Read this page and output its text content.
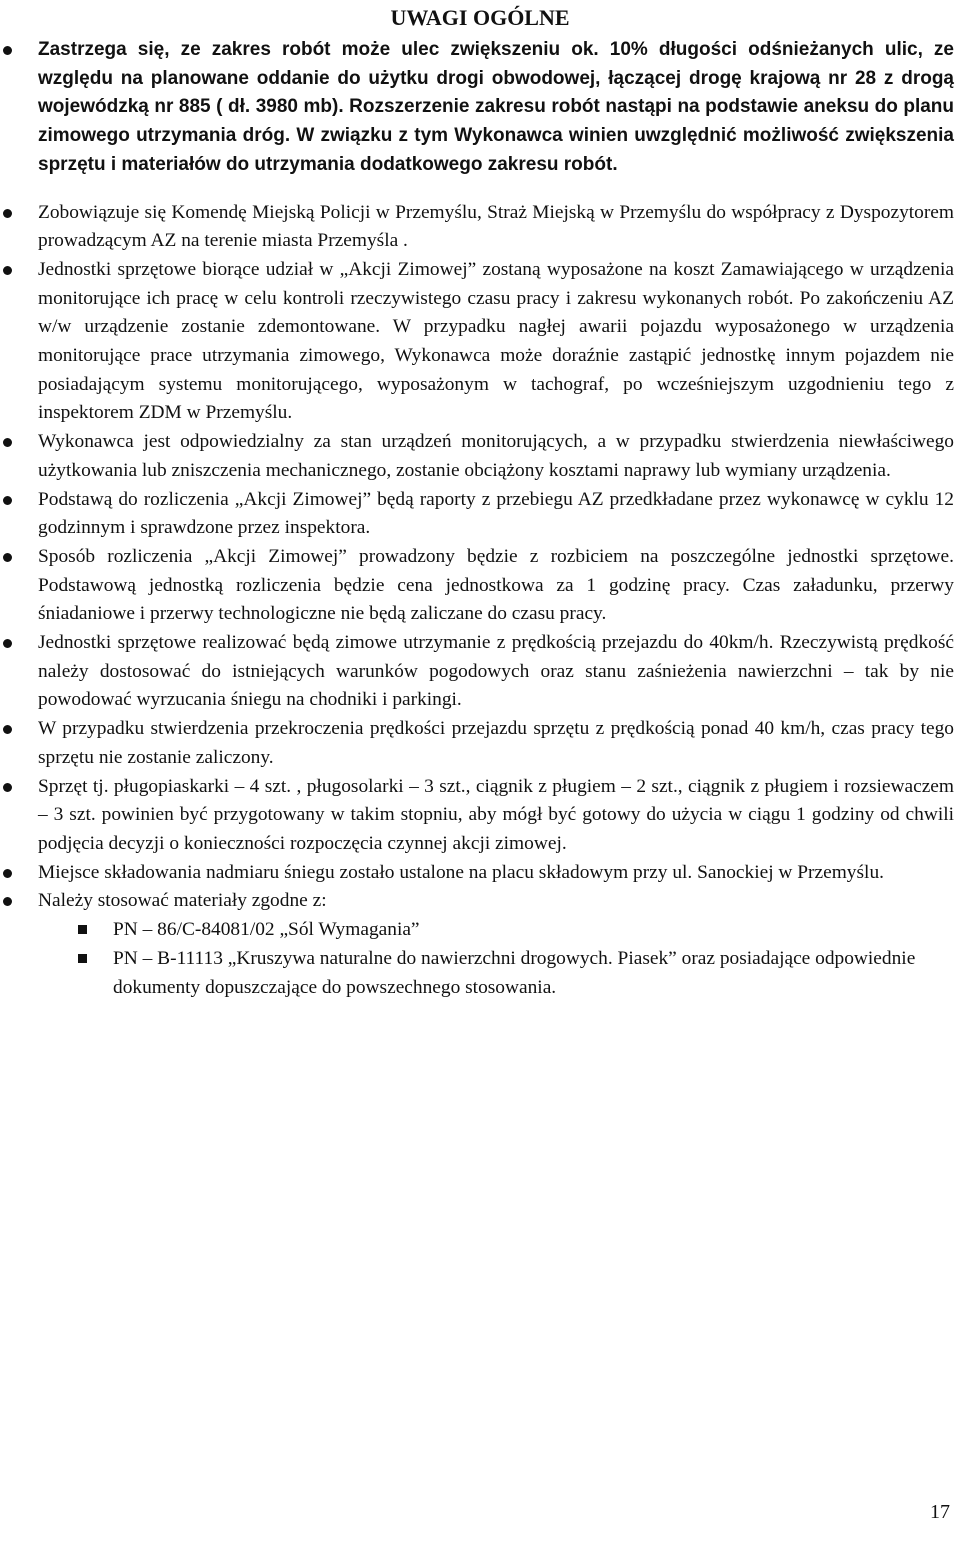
UWAGI OGÓLNE
Zastrzega się, ze zakres robót może ulec zwiększeniu ok. 10% długości odśnieżanych ulic, ze względu na planowane oddanie do użytku drogi obwodowej, łączącej drogę krajową nr 28 z drogą wojewódzką nr 885 ( dł. 3980 mb). Rozszerzenie zakresu robót nastąpi na podstawie aneksu do planu zimowego utrzymania dróg. W związku z tym Wykonawca winien uwzględnić możliwość zwiększenia sprzętu i materiałów do utrzymania dodatkowego zakresu robót.
Zobowiązuje się Komendę Miejską Policji w Przemyślu, Straż Miejską w Przemyślu do współpracy z Dyspozytorem prowadzącym AZ na terenie miasta Przemyśla .
Jednostki sprzętowe biorące udział w „Akcji Zimowej” zostaną wyposażone na koszt Zamawiającego w urządzenia monitorujące ich pracę w celu kontroli rzeczywistego czasu pracy i zakresu wykonanych robót. Po zakończeniu AZ w/w urządzenie zostanie zdemontowane. W przypadku nagłej awarii pojazdu wyposażonego w urządzenia monitorujące prace utrzymania zimowego, Wykonawca może doraźnie zastąpić jednostkę innym pojazdem nie posiadającym systemu monitorującego, wyposażonym w tachograf, po wcześniejszym uzgodnieniu tego z inspektorem ZDM w Przemyślu.
Wykonawca jest odpowiedzialny za stan urządzeń monitorujących, a w przypadku stwierdzenia niewłaściwego użytkowania lub zniszczenia mechanicznego, zostanie obciążony kosztami naprawy lub wymiany urządzenia.
Podstawą do rozliczenia „Akcji Zimowej” będą raporty z przebiegu AZ przedkładane przez wykonawcę w cyklu 12 godzinnym i sprawdzone przez inspektora.
Sposób rozliczenia „Akcji Zimowej” prowadzony będzie z rozbiciem na poszczególne jednostki sprzętowe. Podstawową jednostką rozliczenia będzie cena jednostkowa za 1 godzinę pracy. Czas załadunku, przerwy śniadaniowe i przerwy technologiczne nie będą zaliczane do czasu pracy.
Jednostki sprzętowe realizować będą zimowe utrzymanie z prędkością przejazdu do 40km/h. Rzeczywistą prędkość należy dostosować do istniejących warunków pogodowych oraz stanu zaśnieżenia nawierzchni – tak by nie powodować wyrzucania śniegu na chodniki i parkingi.
W przypadku stwierdzenia przekroczenia prędkości przejazdu sprzętu z prędkością ponad 40 km/h, czas pracy tego sprzętu nie zostanie zaliczony.
Sprzęt tj. pługopiaskarki – 4 szt. , pługosolarki – 3 szt., ciągnik z pługiem – 2 szt., ciągnik z pługiem i rozsiewaczem – 3 szt. powinien być przygotowany w takim stopniu, aby mógł być gotowy do użycia w ciągu 1 godziny od chwili podjęcia decyzji o konieczności rozpoczęcia czynnej akcji zimowej.
Miejsce składowania nadmiaru śniegu zostało ustalone na placu składowym przy ul. Sanockiej w Przemyślu.
Należy stosować materiały zgodne z:
PN – 86/C-84081/02 „Sól Wymagania”
PN – B-11113 „Kruszywa naturalne do nawierzchni drogowych. Piasek” oraz posiadające odpowiednie dokumenty dopuszczające do powszechnego stosowania.
17
